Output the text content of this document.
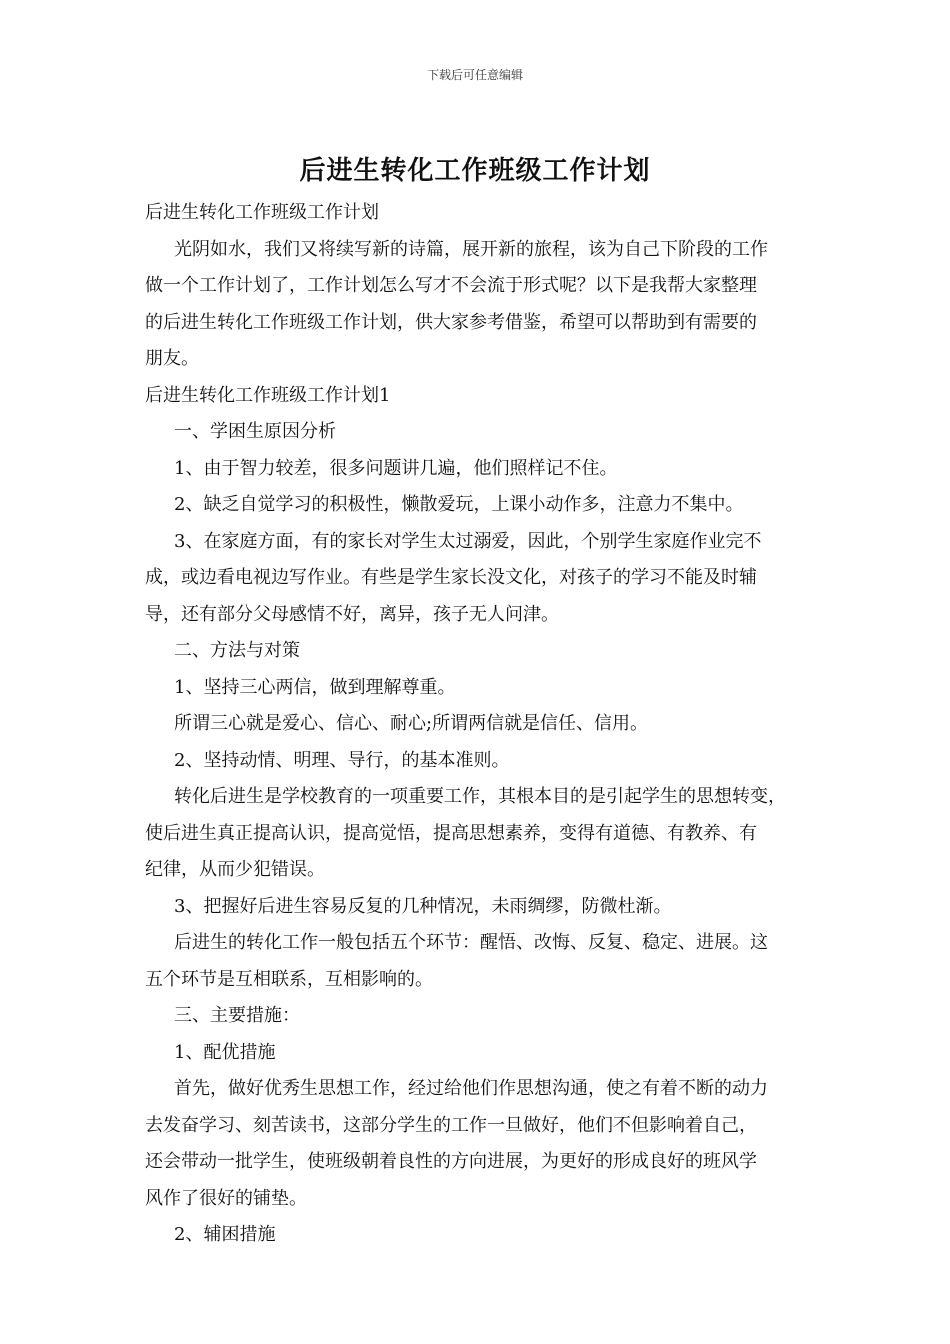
下载后可任意编辑
后进生转化工作班级工作计划
后进生转化工作班级工作计划
光阴如水，我们又将续写新的诗篇，展开新的旅程，该为自己下阶段的工作
做一个工作计划了，工作计划怎么写才不会流于形式呢？以下是我帮大家整理
的后进生转化工作班级工作计划，供大家参考借鉴，希望可以帮助到有需要的
朋友。
后进生转化工作班级工作计划1
一、学困生原因分析
1、由于智力较差，很多问题讲几遍，他们照样记不住。
2、缺乏自觉学习的积极性，懒散爱玩，上课小动作多，注意力不集中。
3、在家庭方面，有的家长对学生太过溺爱，因此，个别学生家庭作业完不
成，或边看电视边写作业。有些是学生家长没文化，对孩子的学习不能及时辅
导，还有部分父母感情不好，离异，孩子无人问津。
二、方法与对策
1、坚持三心两信，做到理解尊重。
所谓三心就是爱心、信心、耐心;所谓两信就是信任、信用。
2、坚持动情、明理、导行，的基本准则。
转化后进生是学校教育的一项重要工作，其根本目的是引起学生的思想转变，
使后进生真正提高认识，提高觉悟，提高思想素养，变得有道德、有教养、有
纪律，从而少犯错误。
3、把握好后进生容易反复的几种情况，未雨绸缪，防微杜渐。
后进生的转化工作一般包括五个环节：醒悟、改悔、反复、稳定、进展。这
五个环节是互相联系，互相影响的。
三、主要措施：
1、配优措施
首先，做好优秀生思想工作，经过给他们作思想沟通，使之有着不断的动力
去发奋学习、刻苦读书，这部分学生的工作一旦做好，他们不但影响着自己，
还会带动一批学生，使班级朝着良性的方向进展，为更好的形成良好的班风学
风作了很好的铺垫。
2、辅困措施
